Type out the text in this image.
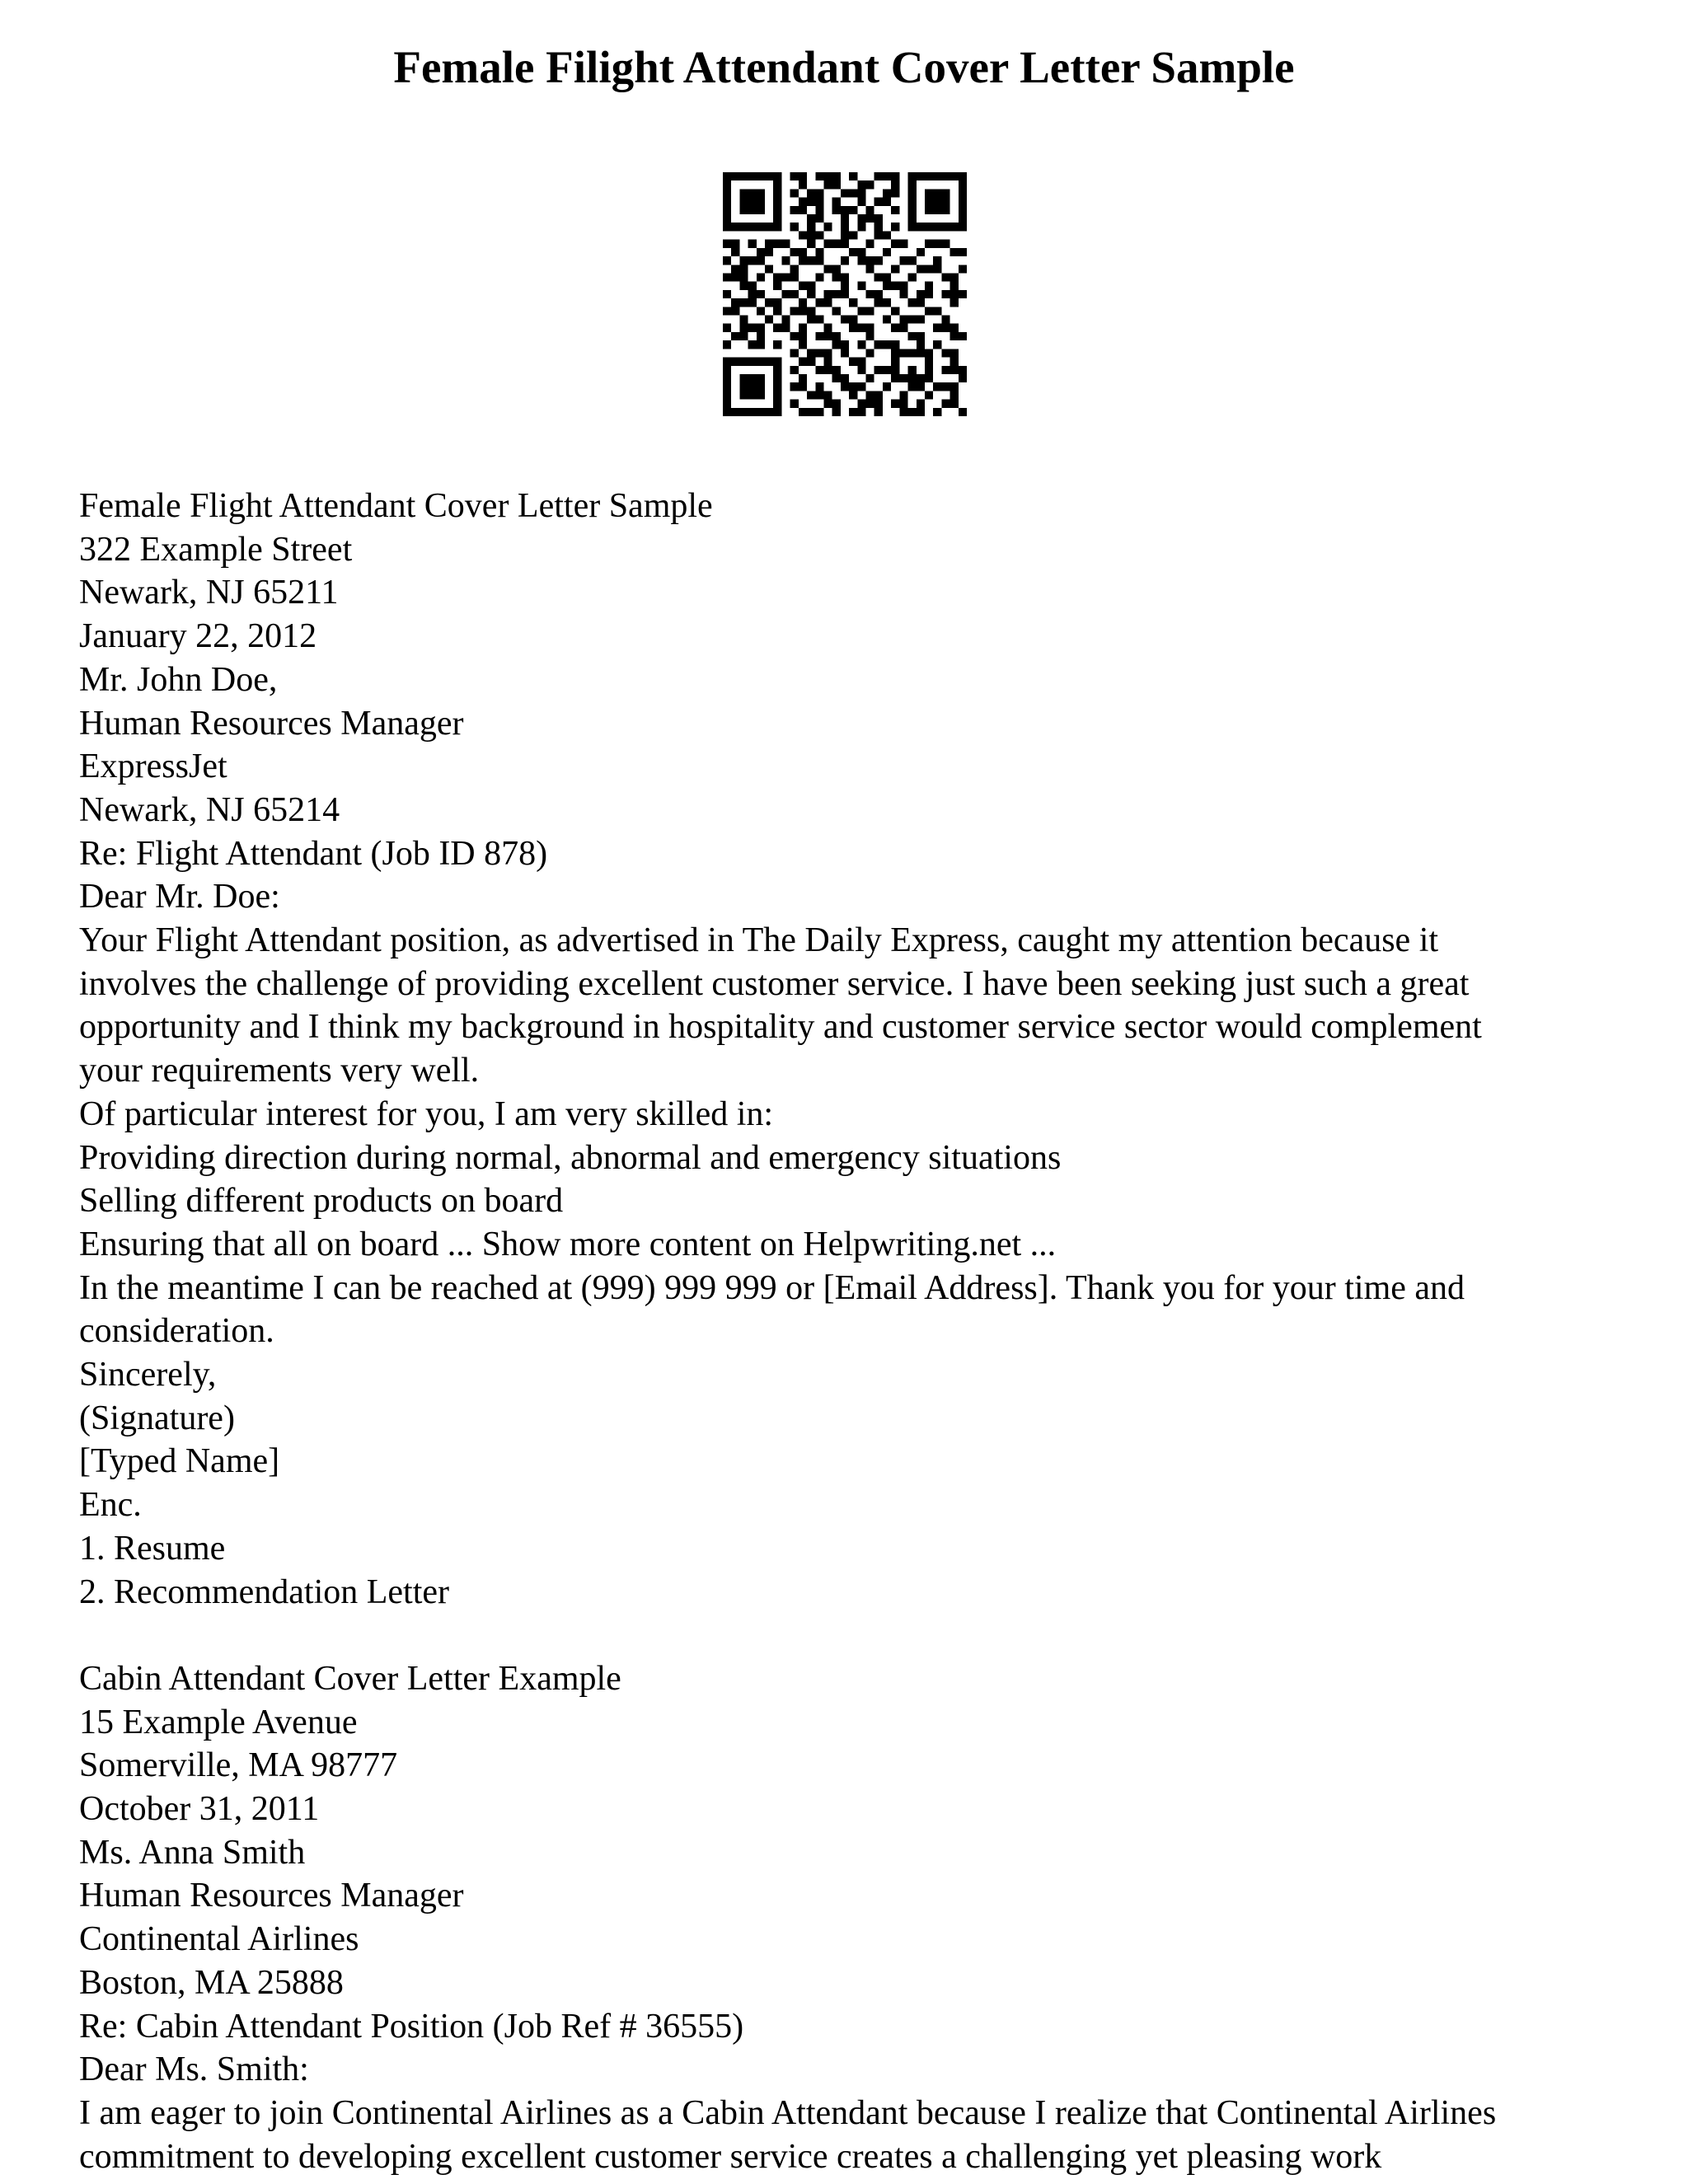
Female Filight Attendant Cover Letter Sample
Female Flight Attendant Cover Letter Sample
322 Example Street
Newark, NJ 65211
January 22, 2012
Mr. John Doe,
Human Resources Manager
ExpressJet
Newark, NJ 65214
Re: Flight Attendant (Job ID 878)
Dear Mr. Doe:
Your Flight Attendant position, as advertised in The Daily Express, caught my attention because it
involves the challenge of providing excellent customer service. I have been seeking just such a great
opportunity and I think my background in hospitality and customer service sector would complement
your requirements very well.
Of particular interest for you, I am very skilled in:
Providing direction during normal, abnormal and emergency situations
Selling different products on board
Ensuring that all on board ... Show more content on Helpwriting.net ...
In the meantime I can be reached at (999) 999 999 or [Email Address]. Thank you for your time and
consideration.
Sincerely,
(Signature)
[Typed Name]
Enc.
1. Resume
2. Recommendation Letter
Cabin Attendant Cover Letter Example
15 Example Avenue
Somerville, MA 98777
October 31, 2011
Ms. Anna Smith
Human Resources Manager
Continental Airlines
Boston, MA 25888
Re: Cabin Attendant Position (Job Ref # 36555)
Dear Ms. Smith:
I am eager to join Continental Airlines as a Cabin Attendant because I realize that Continental Airlines
commitment to developing excellent customer service creates a challenging yet pleasing work
